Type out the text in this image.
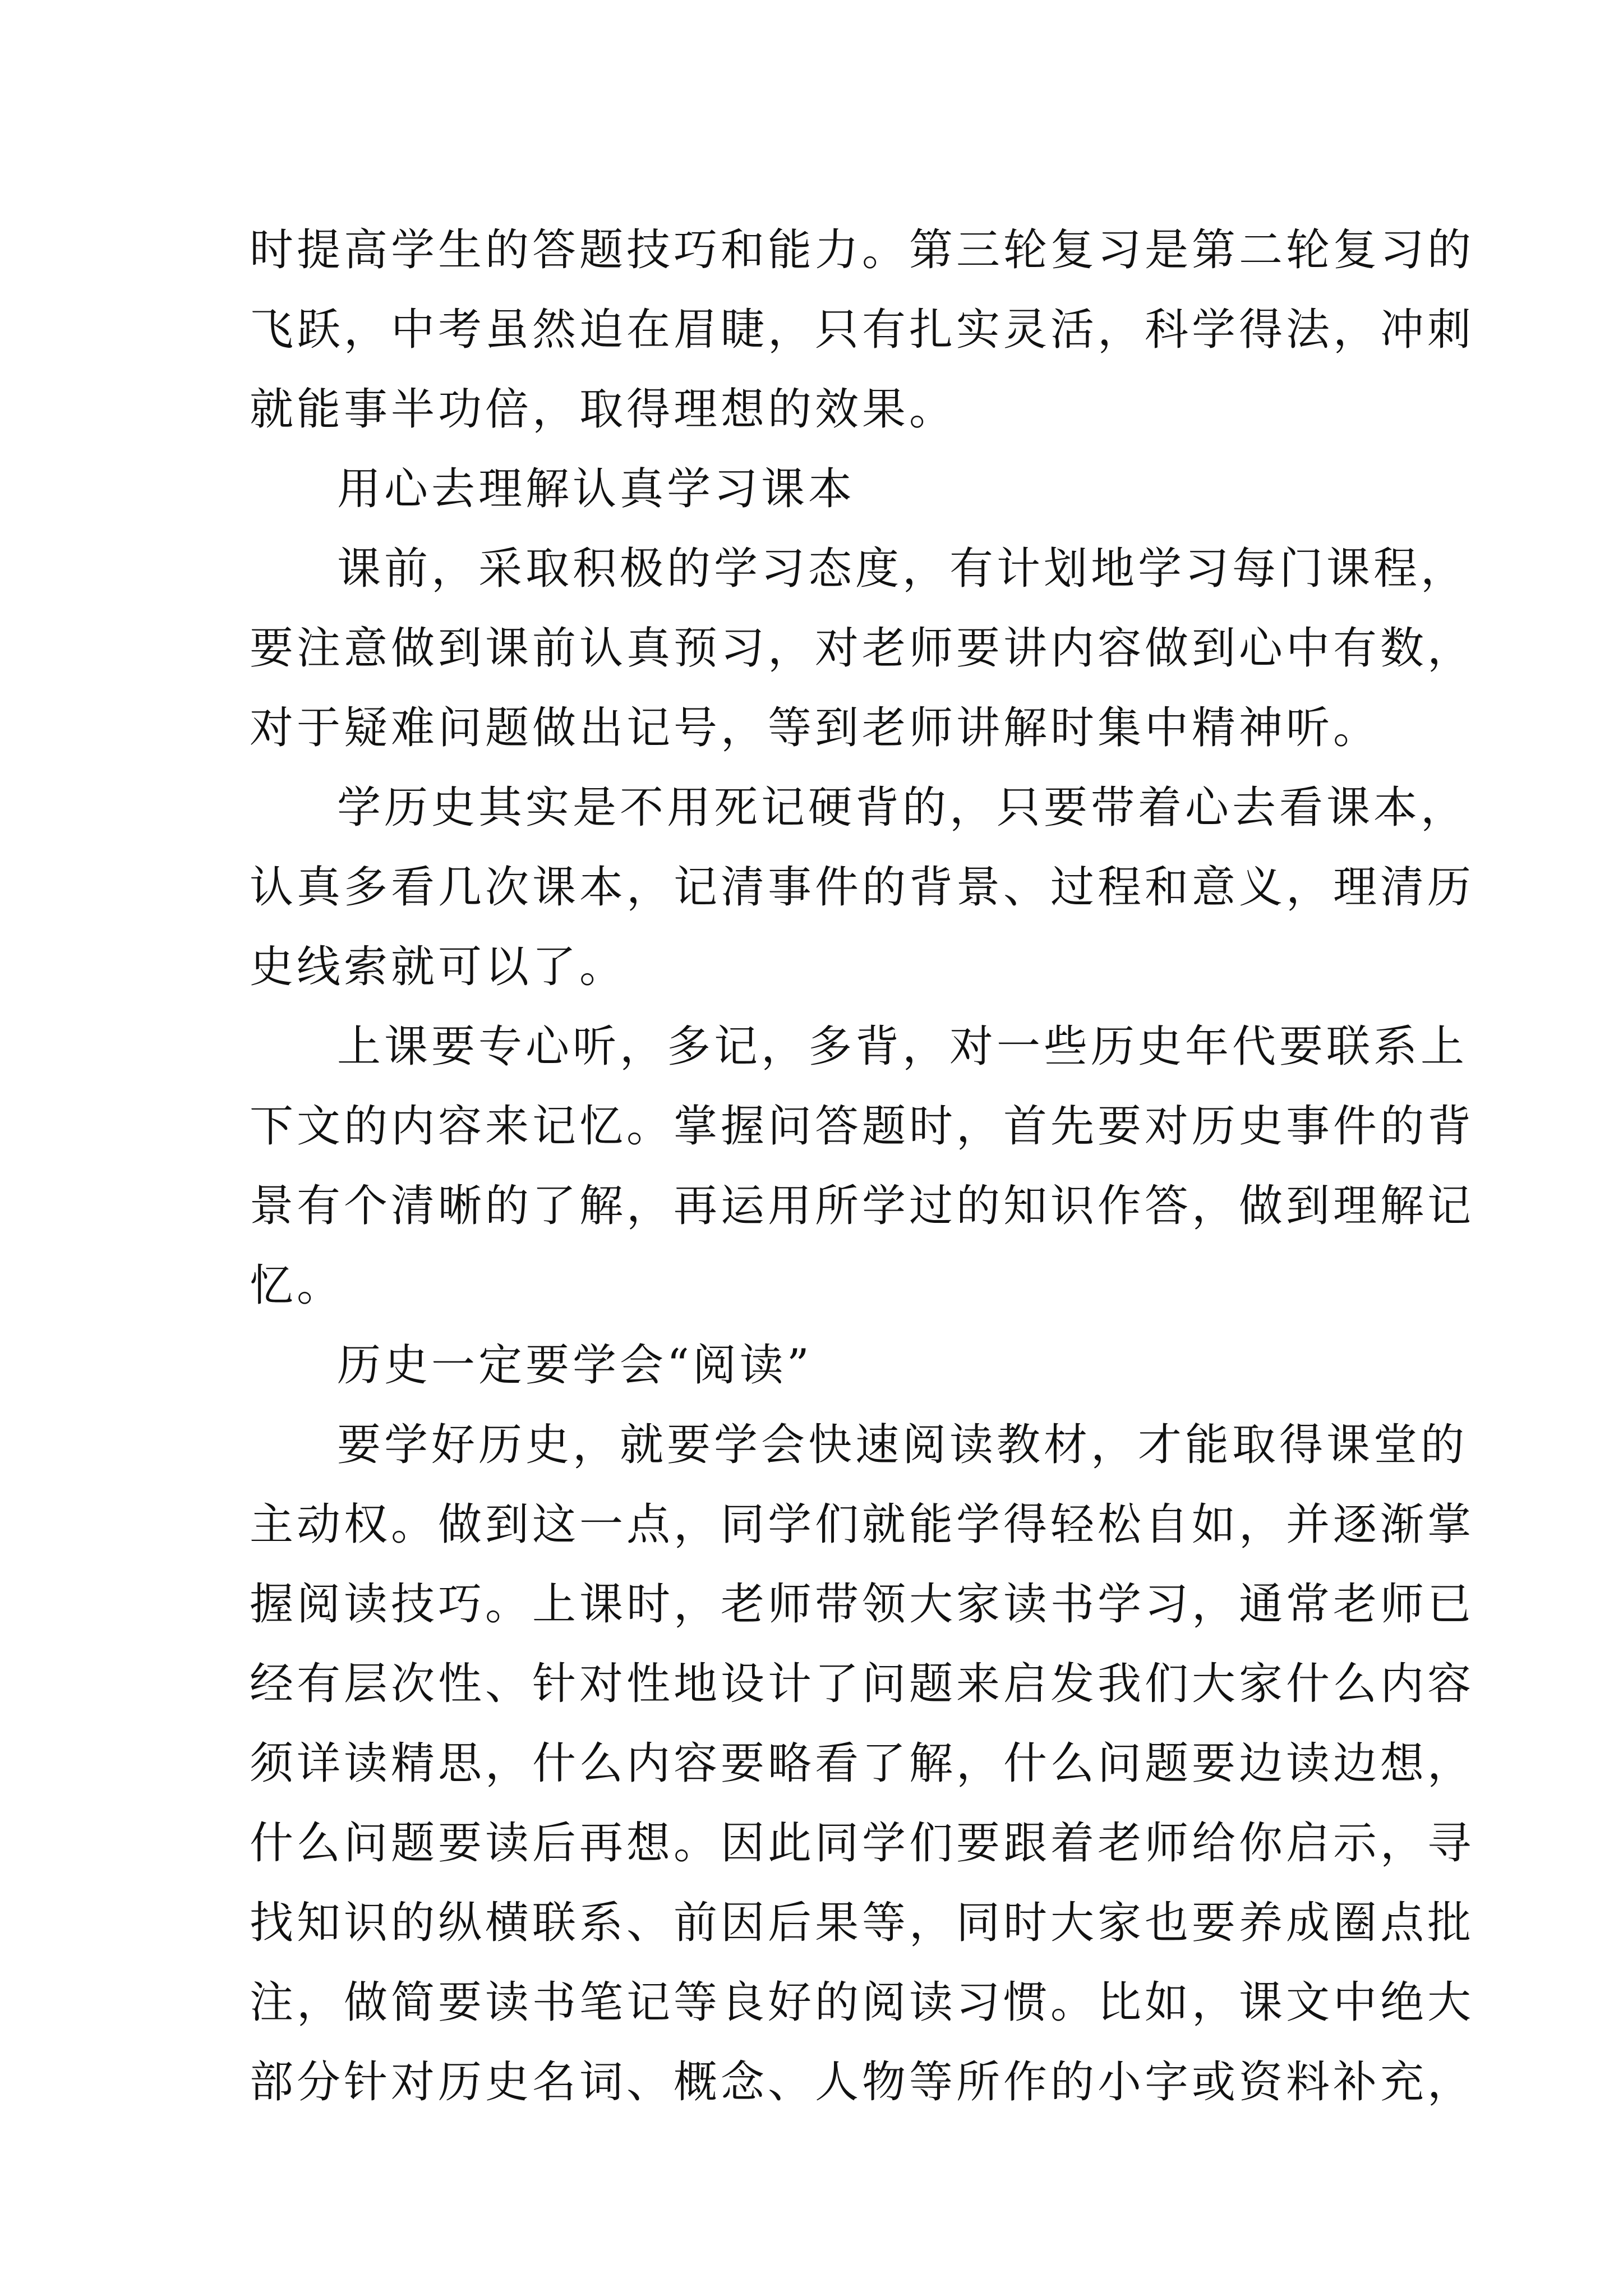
时提高学生的答题技巧和能力。第三轮复习是第二轮复习的
飞跃，中考虽然迫在眉睫，只有扎实灵活，科学得法，冲刺
就能事半功倍，取得理想的效果。
用心去理解认真学习课本
课前，采取积极的学习态度，有计划地学习每门课程，
要注意做到课前认真预习，对老师要讲内容做到心中有数，
对于疑难问题做出记号，等到老师讲解时集中精神听。
学历史其实是不用死记硬背的，只要带着心去看课本，
认真多看几次课本，记清事件的背景、过程和意义，理清历
史线索就可以了。
上课要专心听，多记，多背，对一些历史年代要联系上
下文的内容来记忆。掌握问答题时，首先要对历史事件的背
景有个清晰的了解，再运用所学过的知识作答，做到理解记
忆。
历史一定要学会“阅读”
要学好历史，就要学会快速阅读教材，才能取得课堂的
主动权。做到这一点，同学们就能学得轻松自如，并逐渐掌
握阅读技巧。上课时，老师带领大家读书学习，通常老师已
经有层次性、针对性地设计了问题来启发我们大家什么内容
须详读精思，什么内容要略看了解，什么问题要边读边想，
什么问题要读后再想。因此同学们要跟着老师给你启示，寻
找知识的纵横联系、前因后果等，同时大家也要养成圈点批
注，做简要读书笔记等良好的阅读习惯。比如，课文中绝大
部分针对历史名词、概念、人物等所作的小字或资料补充，
